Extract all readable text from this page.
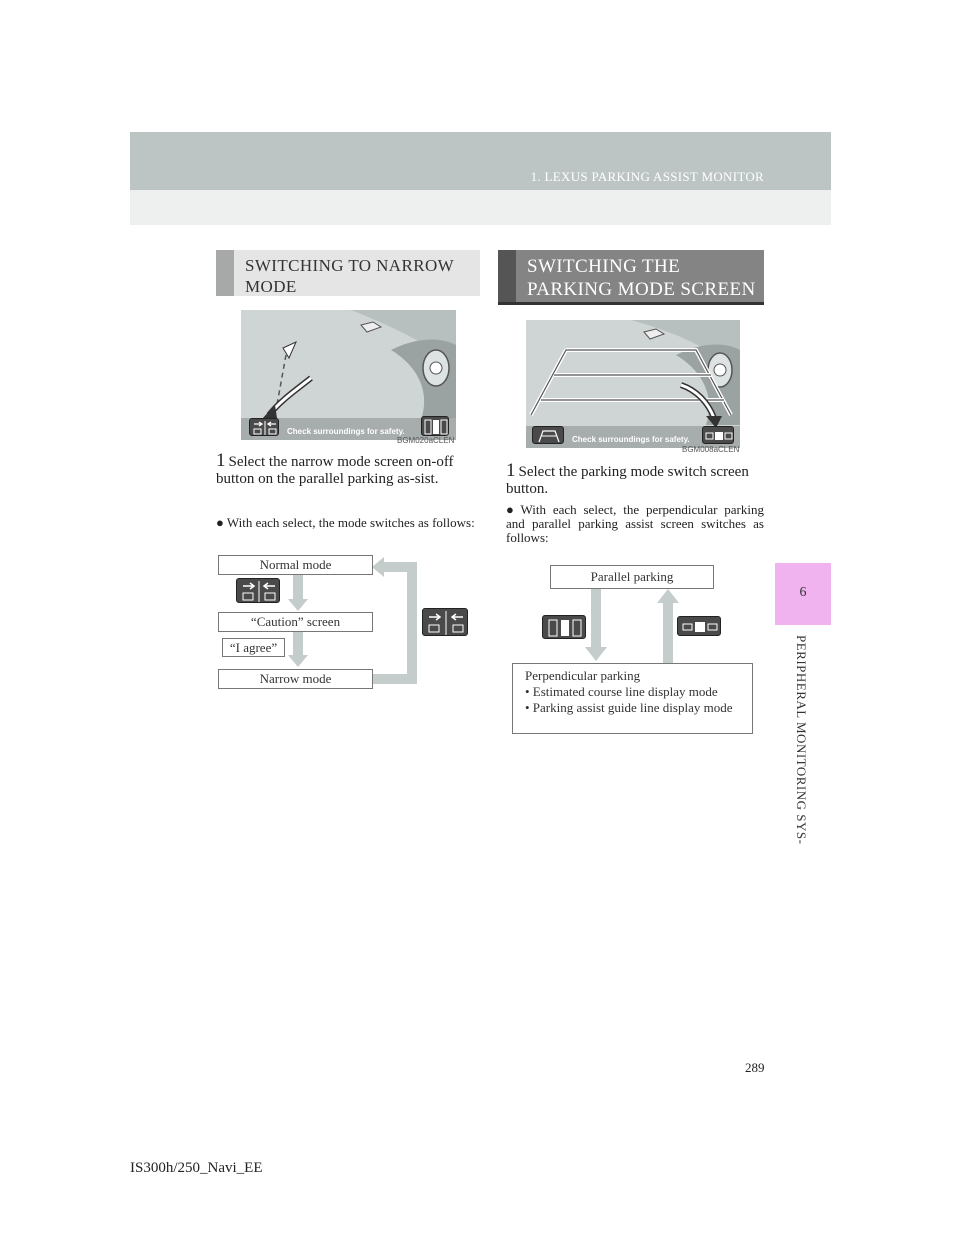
1. LEXUS PARKING ASSIST MONITOR
6
PERIPHERAL MONITORING SYS-
SWITCHING TO NARROW MODE
Check surroundings for safety.
BGM020aCLEN
1 Select the narrow mode screen on-off button on the parallel parking as-sist.
● With each select, the mode switches as follows:
Normal mode
“Caution” screen
“I agree”
Narrow mode
SWITCHING THE PARKING MODE SCREEN
Check surroundings for safety.
BGM008aCLEN
1 Select the parking mode switch screen button.
● With each select, the perpendicular parking and parallel parking assist screen switches as follows:
Parallel parking
Perpendicular parking
• Estimated course line display mode
• Parking assist guide line display mode
289
IS300h/250_Navi_EE
